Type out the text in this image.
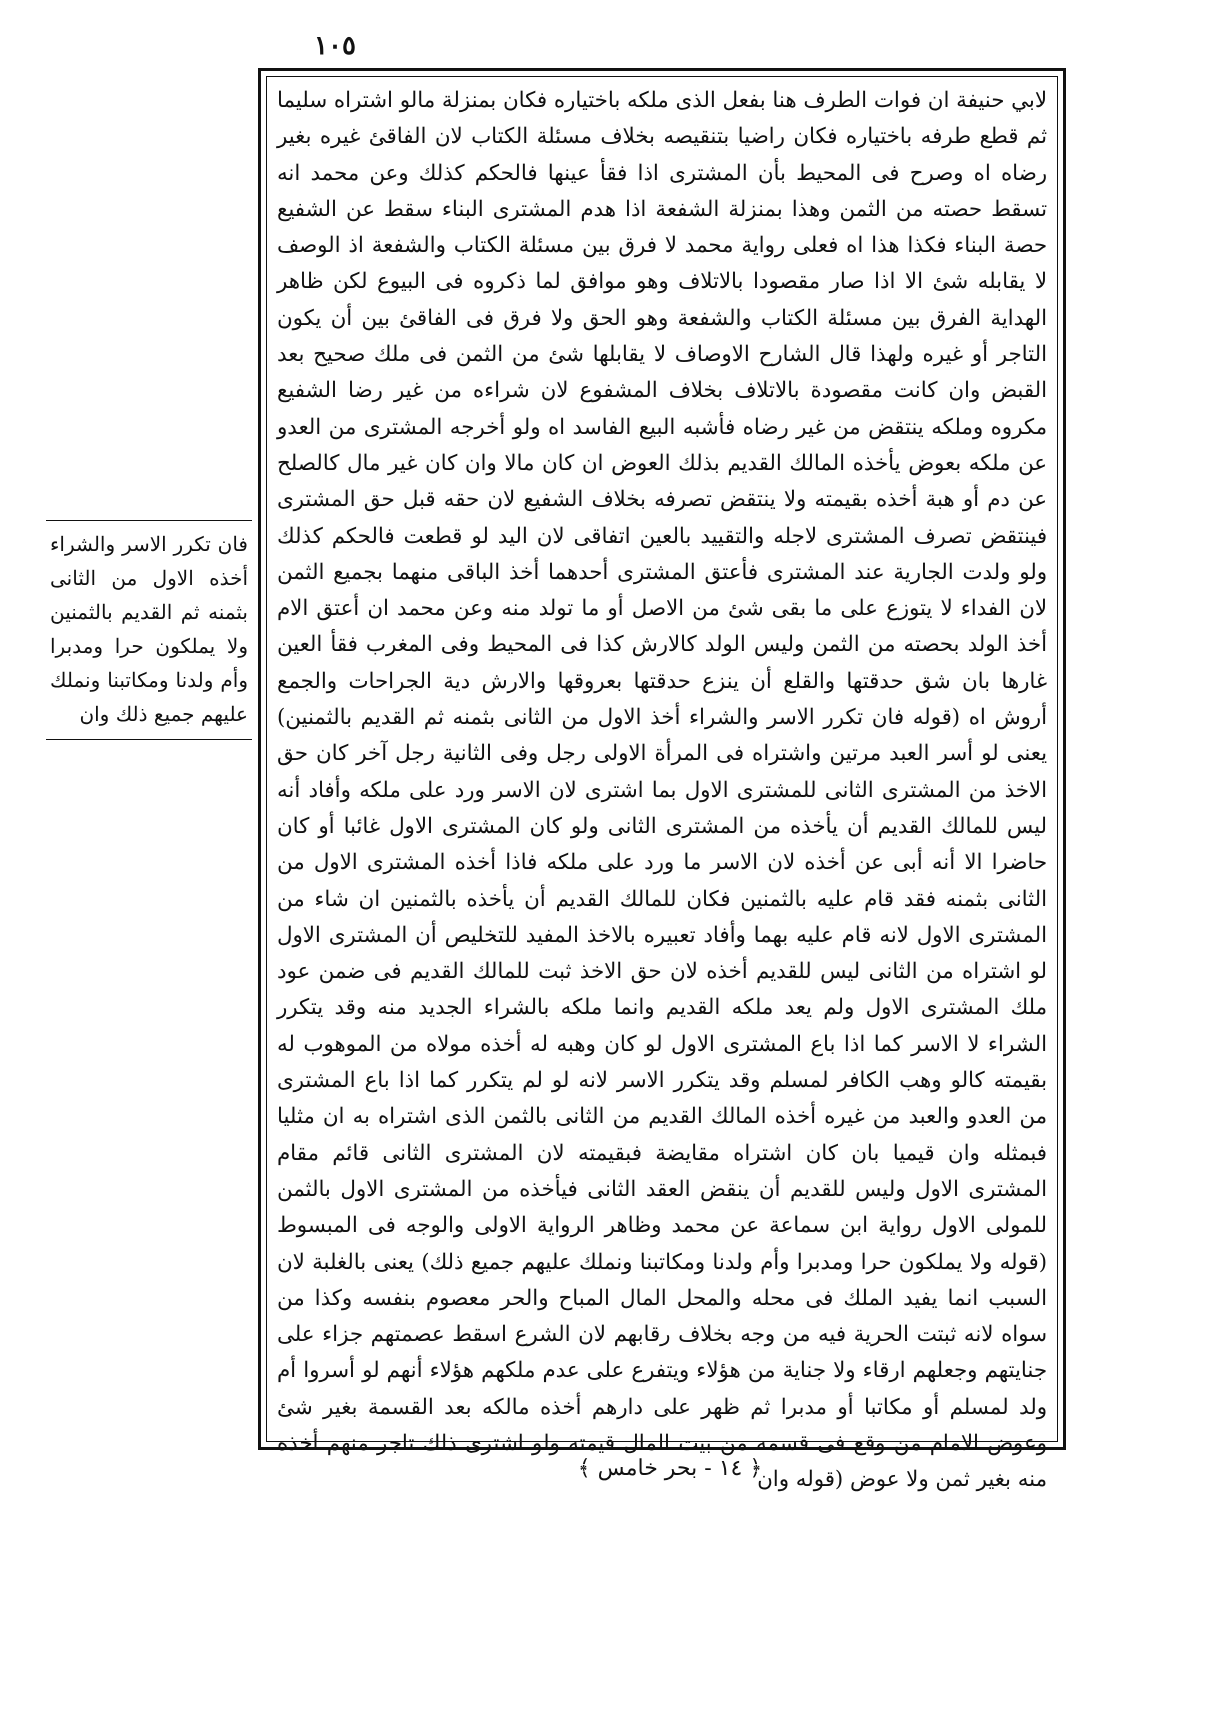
١٠٥

لابي حنيفة ان فوات الطرف هنا بفعل الذى ملكه باختياره فكان بمنزلة مالو اشتراه سليما ثم قطع طرفه باختياره فكان راضيا بتنقيصه بخلاف مسئلة الكتاب لان الفاقئ غيره بغير رضاه اه وصرح فى المحيط بأن المشترى اذا فقأ عينها فالحكم كذلك وعن محمد انه تسقط حصته من الثمن وهذا بمنزلة الشفعة اذا هدم المشترى البناء سقط عن الشفيع حصة البناء فكذا هذا اه فعلى رواية محمد لا فرق بين مسئلة الكتاب والشفعة اذ الوصف لا يقابله شئ الا اذا صار مقصودا بالاتلاف وهو موافق لما ذكروه فى البيوع لكن ظاهر الهداية الفرق بين مسئلة الكتاب والشفعة وهو الحق ولا فرق فى الفاقئ بين أن يكون التاجر أو غيره ولهذا قال الشارح الاوصاف لا يقابلها شئ من الثمن فى ملك صحيح بعد القبض وان كانت مقصودة بالاتلاف بخلاف المشفوع لان شراءه من غير رضا الشفيع مكروه وملكه ينتقض من غير رضاه فأشبه البيع الفاسد اه ولو أخرجه المشترى من العدو عن ملكه بعوض يأخذه المالك القديم بذلك العوض ان كان مالا وان كان غير مال كالصلح عن دم أو هبة أخذه بقيمته ولا ينتقض تصرفه بخلاف الشفيع لان حقه قبل حق المشترى فينتقض تصرف المشترى لاجله والتقييد بالعين اتفاقى لان اليد لو قطعت فالحكم كذلك ولو ولدت الجارية عند المشترى فأعتق المشترى أحدهما أخذ الباقى منهما بجميع الثمن لان الفداء لا يتوزع على ما بقى شئ من الاصل أو ما تولد منه وعن محمد ان أعتق الام أخذ الولد بحصته من الثمن وليس الولد كالارش كذا فى المحيط وفى المغرب فقأ العين غارها بان شق حدقتها والقلع أن ينزع حدقتها بعروقها والارش دية الجراحات والجمع أروش اه (قوله فان تكرر الاسر والشراء أخذ الاول من الثانى بثمنه ثم القديم بالثمنين) يعنى لو أسر العبد مرتين واشتراه فى المرأة الاولى رجل وفى الثانية رجل آخر كان حق الاخذ من المشترى الثانى للمشترى الاول بما اشترى لان الاسر ورد على ملكه وأفاد أنه ليس للمالك القديم أن يأخذه من المشترى الثانى ولو كان المشترى الاول غائبا أو كان حاضرا الا أنه أبى عن أخذه لان الاسر ما ورد على ملكه فاذا أخذه المشترى الاول من الثانى بثمنه فقد قام عليه بالثمنين فكان للمالك القديم أن يأخذه بالثمنين ان شاء من المشترى الاول لانه قام عليه بهما وأفاد تعبيره بالاخذ المفيد للتخليص أن المشترى الاول لو اشتراه من الثانى ليس للقديم أخذه لان حق الاخذ ثبت للمالك القديم فى ضمن عود ملك المشترى الاول ولم يعد ملكه القديم وانما ملكه بالشراء الجديد منه وقد يتكرر الشراء لا الاسر كما اذا باع المشترى الاول لو كان وهبه له أخذه مولاه من الموهوب له بقيمته كالو وهب الكافر لمسلم وقد يتكرر الاسر لانه لو لم يتكرر كما اذا باع المشترى من العدو والعبد من غيره أخذه المالك القديم من الثانى بالثمن الذى اشتراه به ان مثليا فبمثله وان قيميا بان كان اشتراه مقايضة فبقيمته لان المشترى الثانى قائم مقام المشترى الاول وليس للقديم أن ينقض العقد الثانى فيأخذه من المشترى الاول بالثمن للمولى الاول رواية ابن سماعة عن محمد وظاهر الرواية الاولى والوجه فى المبسوط (قوله ولا يملكون حرا ومدبرا وأم ولدنا ومكاتبنا ونملك عليهم جميع ذلك) يعنى بالغلبة لان السبب انما يفيد الملك فى محله والمحل المال المباح والحر معصوم بنفسه وكذا من سواه لانه ثبتت الحرية فيه من وجه بخلاف رقابهم لان الشرع اسقط عصمتهم جزاء على جنايتهم وجعلهم ارقاء ولا جناية من هؤلاء ويتفرع على عدم ملكهم هؤلاء أنهم لو أسروا أم ولد لمسلم أو مكاتبا أو مدبرا ثم ظهر على دارهم أخذه مالكه بعد القسمة بغير شئ وعوض الامام من وقع فى قسمه من بيت المال قيمته ولو اشترى ذلك تاجر منهم أخذه منه بغير ثمن ولا عوض (قوله وان

فان تكرر الاسر والشراء أخذه الاول من الثانى بثمنه ثم القديم بالثمنين ولا يملكون حرا ومدبرا وأم ولدنا ومكاتبنا ونملك عليهم جميع ذلك وان

﴿ ١٤ - بحر خامس ﴾
